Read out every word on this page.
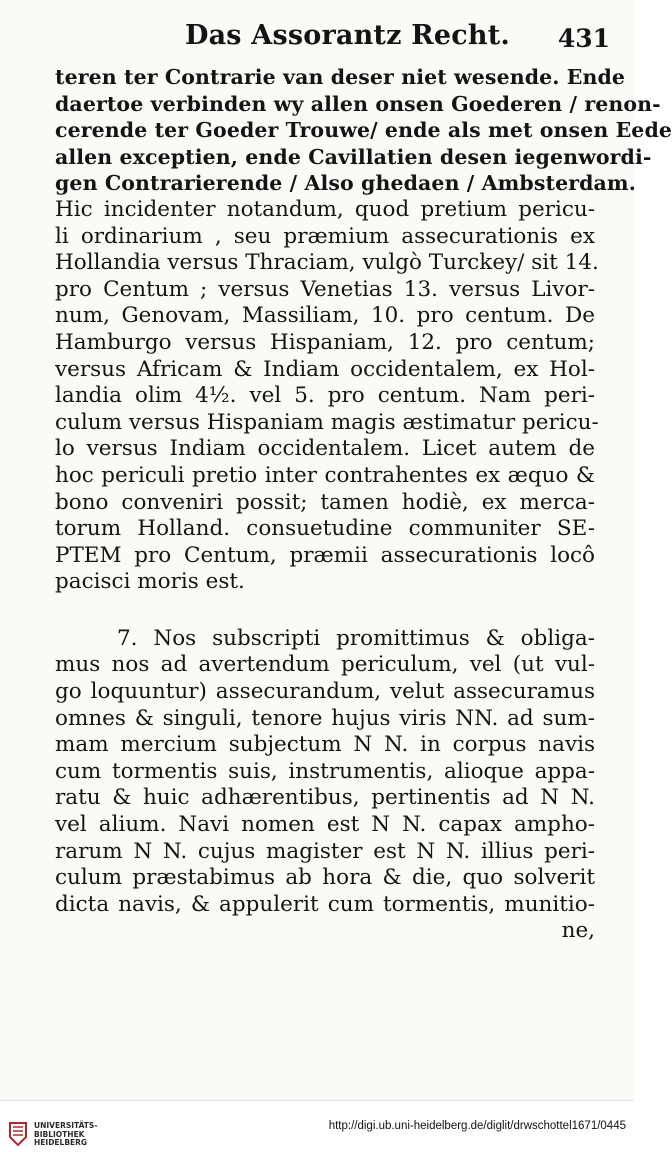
Das Assorantz Recht. 431
teren ter Contrarie van deser niet wesende. Ende
daertoe verbinden wy allen onsen Goederen / renon-
cerende ter Goeder Trouwe/ ende als met onsen Eede
allen exceptien, ende Cavillatien desen iegenwordi-
gen Contrarierende / Also ghedaen / Ambsterdam.
Hic incidenter notandum, quod pretium pericu-
li ordinarium , seu præmium assecurationis ex
Hollandia versus Thraciam, vulgò Turckey/ sit 14.
pro Centum ; versus Venetias 13. versus Livor-
num, Genovam, Massiliam, 10. pro centum. De
Hamburgo versus Hispaniam, 12. pro centum;
versus Africam & Indiam occidentalem, ex Hol-
landia olim 4½. vel 5. pro centum. Nam peri-
culum versus Hispaniam magis æstimatur pericu-
lo versus Indiam occidentalem. Licet autem de
hoc periculi pretio inter contrahentes ex æquo &
bono conveniri possit; tamen hodiè, ex merca-
torum Holland. consuetudine communiter SE-
PTEM pro Centum, præmii assecurationis locô
pacisci moris est.
7. Nos subscripti promittimus & obliga-
mus nos ad avertendum periculum, vel (ut vul-
go loquuntur) assecurandum, velut assecuramus
omnes & singuli, tenore hujus viris NN. ad sum-
mam mercium subjectum N N. in corpus navis
cum tormentis suis, instrumentis, alioque appa-
ratu & huic adhærentibus, pertinentis ad N N.
vel alium. Navi nomen est N N. capax ampho-
rarum N N. cujus magister est N N. illius peri-
culum præstabimus ab hora & die, quo solverit
dicta navis, & appulerit cum tormentis, munitio-
ne,
UNIVERSITÄTS-
BIBLIOTHEK
HEIDELBERG
http://digi.ub.uni-heidelberg.de/diglit/drwschottel1671/0445
